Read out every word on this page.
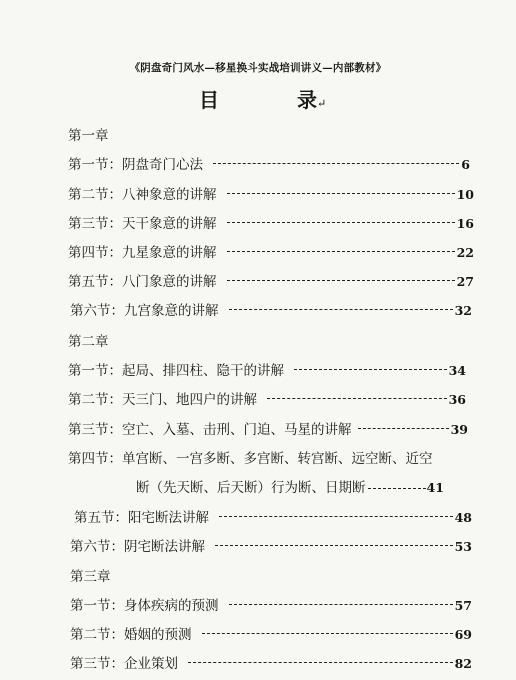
《阴盘奇门风水—移星换斗实战培训讲义—内部教材》
目	录↵
第一章
第一节： 阴盘奇门心法	6
第二节： 八神象意的讲解	10
第三节： 天干象意的讲解	16
第四节： 九星象意的讲解	22
第五节： 八门象意的讲解	27
第六节： 九宫象意的讲解	32
第二章
第一节： 起局、排四柱、隐干的讲解	34
第二节： 天三门、地四户的讲解	36
第三节： 空亡、入墓、击刑、门迫、马星的讲解	39
第四节：单宫断、一宫多断、多宫断、转宫断、远空断、近空
断（先天断、后天断）行为断、日期断	41
第五节： 阳宅断法讲解	48
第六节： 阴宅断法讲解	53
第三章
第一节： 身体疾病的预测	57
第二节： 婚姻的预测	69
第三节： 企业策划	82
